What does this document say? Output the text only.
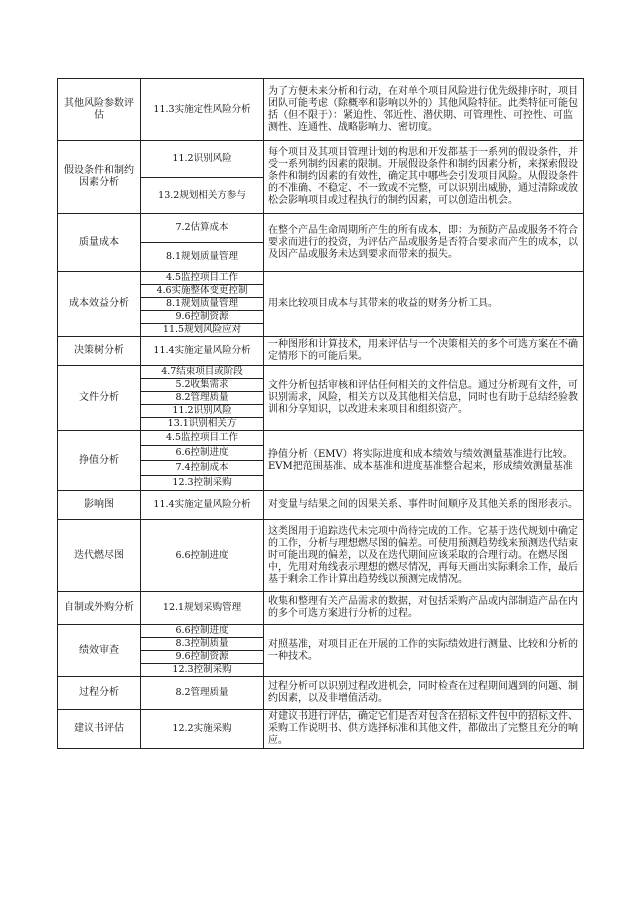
其他风险参数评估	11.3实施定性风险分析	为了方便未来分析和行动，在对单个项目风险进行优先级排序时，项目团队可能考虑（除概率和影响以外的）其他风险特征。此类特征可能包括（但不限于）：紧迫性、邻近性、潜伏期、可管理性、可控性、可监测性、连通性、战略影响力、密切度。
假设条件和制约因素分析	11.2识别风险	每个项目及其项目管理计划的构思和开发都基于一系列的假设条件，并受一系列制约因素的限制。开展假设条件和制约因素分析，来探索假设条件和制约因素的有效性，确定其中哪些会引发项目风险。从假设条件的不准确、不稳定、不一致或不完整，可以识别出威胁，通过清除或放松会影响项目或过程执行的制约因素，可以创造出机会。
	13.2规划相关方参与	
质量成本	7.2估算成本	在整个产品生命周期所产生的所有成本，即：为预防产品或服务不符合要求而进行的投资，为评估产品或服务是否符合要求而产生的成本，以及因产品或服务未达到要求而带来的损失。
	8.1规划质量管理	
成本效益分析	4.5监控项目工作	用来比较项目成本与其带来的收益的财务分析工具。
	4.6实施整体变更控制	
	8.1规划质量管理	
	9.6控制资源	
	11.5规划风险应对	
决策树分析	11.4实施定量风险分析	一种图形和计算技术，用来评估与一个决策相关的多个可选方案在不确定情形下的可能后果。
文件分析	4.7结束项目或阶段	文件分析包括审核和评估任何相关的文件信息。通过分析现有文件，可识别需求，风险，相关方以及其他相关信息，同时也有助于总结经验教训和分享知识，以改进未来项目和组织资产。
	5.2收集需求	
	8.2管理质量	
	11.2识别风险	
	13.1识别相关方	
挣值分析	4.5监控项目工作	挣值分析（EMV）将实际进度和成本绩效与绩效测量基准进行比较。EVM把范围基准、成本基准和进度基准整合起来，形成绩效测量基准
	6.6控制进度	
	7.4控制成本	
	12.3控制采购	
影响图	11.4实施定量风险分析	对变量与结果之间的因果关系、事件时间顺序及其他关系的图形表示。
迭代燃尽图	6.6控制进度	这类图用于追踪迭代未完项中尚待完成的工作。它基于迭代规划中确定的工作，分析与理想燃尽图的偏差。可使用预测趋势线来预测迭代结束时可能出现的偏差，以及在迭代期间应该采取的合理行动。在燃尽图中，先用对角线表示理想的燃尽情况，再每天画出实际剩余工作，最后基于剩余工作计算出趋势线以预测完成情况。
自制或外购分析	12.1规划采购管理	收集和整理有关产品需求的数据，对包括采购产品或内部制造产品在内的多个可选方案进行分析的过程。
绩效审查	6.6控制进度	对照基准，对项目正在开展的工作的实际绩效进行测量、比较和分析的一种技术。
	8.3控制质量	
	9.6控制资源	
	12.3控制采购	
过程分析	8.2管理质量	过程分析可以识别过程改进机会，同时检查在过程期间遇到的问题、制约因素，以及非增值活动。
建议书评估	12.2实施采购	对建议书进行评估，确定它们是否对包含在招标文件包中的招标文件、采购工作说明书、供方选择标准和其他文件，都做出了完整且充分的响应。
